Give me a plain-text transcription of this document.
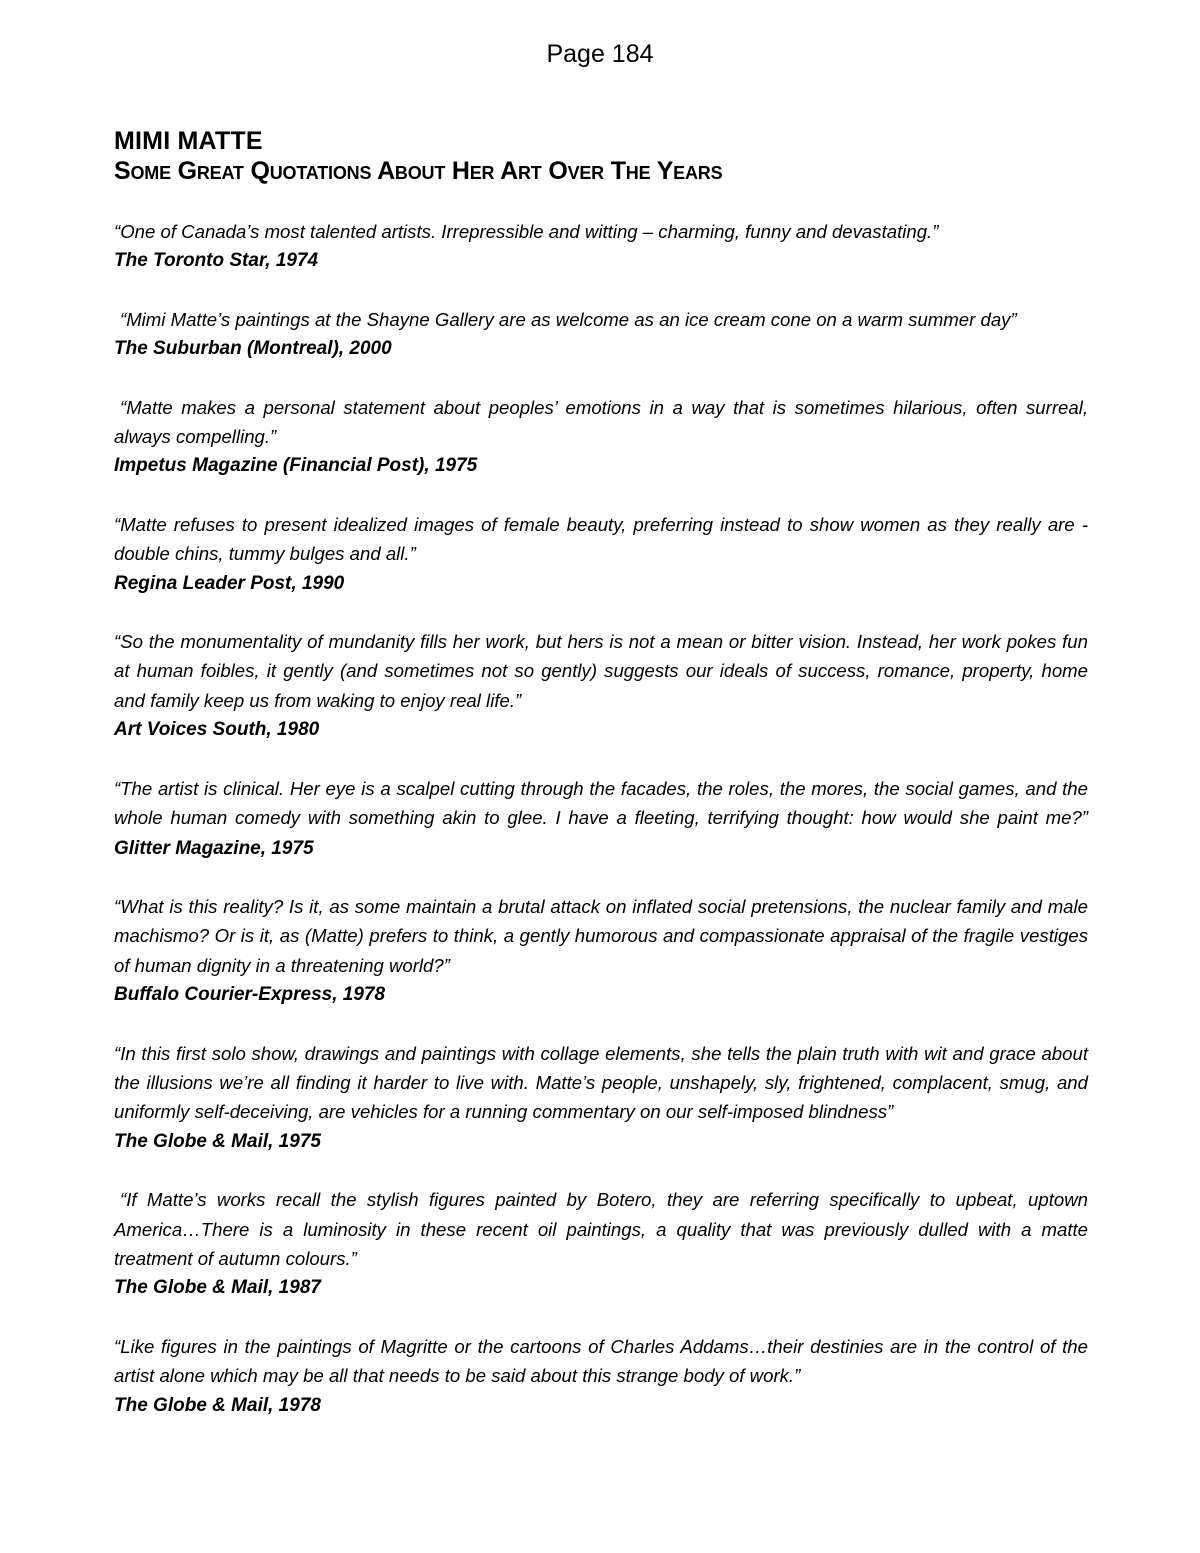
Page 184

MIMI MATTE
Some Great Quotations About Her Art Over The Years

“One of Canada’s most talented artists. Irrepressible and witting – charming, funny and devastating.”

The Toronto Star, 1974

“Mimi Matte’s paintings at the Shayne Gallery are as welcome as an ice cream cone on a warm summer day”

The Suburban (Montreal), 2000

“Matte makes a personal statement about peoples’ emotions in a way that is sometimes hilarious, often surreal, always compelling.”

Impetus Magazine (Financial Post), 1975

“Matte refuses to present idealized images of female beauty, preferring instead to show women as they really are - double chins, tummy bulges and all.”

Regina Leader Post, 1990

“So the monumentality of mundanity fills her work, but hers is not a mean or bitter vision. Instead, her work pokes fun at human foibles, it gently (and sometimes not so gently) suggests our ideals of success, romance, property, home and family keep us from waking to enjoy real life.”

Art Voices South, 1980

“The artist is clinical. Her eye is a scalpel cutting through the facades, the roles, the mores, the social games, and the whole human comedy with something akin to glee. I have a fleeting, terrifying thought: how would she paint me?” Glitter Magazine, 1975

“What is this reality? Is it, as some maintain a brutal attack on inflated social pretensions, the nuclear family and male machismo? Or is it, as (Matte) prefers to think, a gently humorous and compassionate appraisal of the fragile vestiges of human dignity in a threatening world?”

Buffalo Courier-Express, 1978

“In this first solo show, drawings and paintings with collage elements, she tells the plain truth with wit and grace about the illusions we’re all finding it harder to live with. Matte’s people, unshapely, sly, frightened, complacent, smug, and uniformly self-deceiving, are vehicles for a running commentary on our self-imposed blindness”

The Globe & Mail, 1975

“If Matte’s works recall the stylish figures painted by Botero, they are referring specifically to upbeat, uptown America…There is a luminosity in these recent oil paintings, a quality that was previously dulled with a matte treatment of autumn colours.”

The Globe & Mail, 1987

“Like figures in the paintings of Magritte or the cartoons of Charles Addams…their destinies are in the control of the artist alone which may be all that needs to be said about this strange body of work.”

The Globe & Mail, 1978
